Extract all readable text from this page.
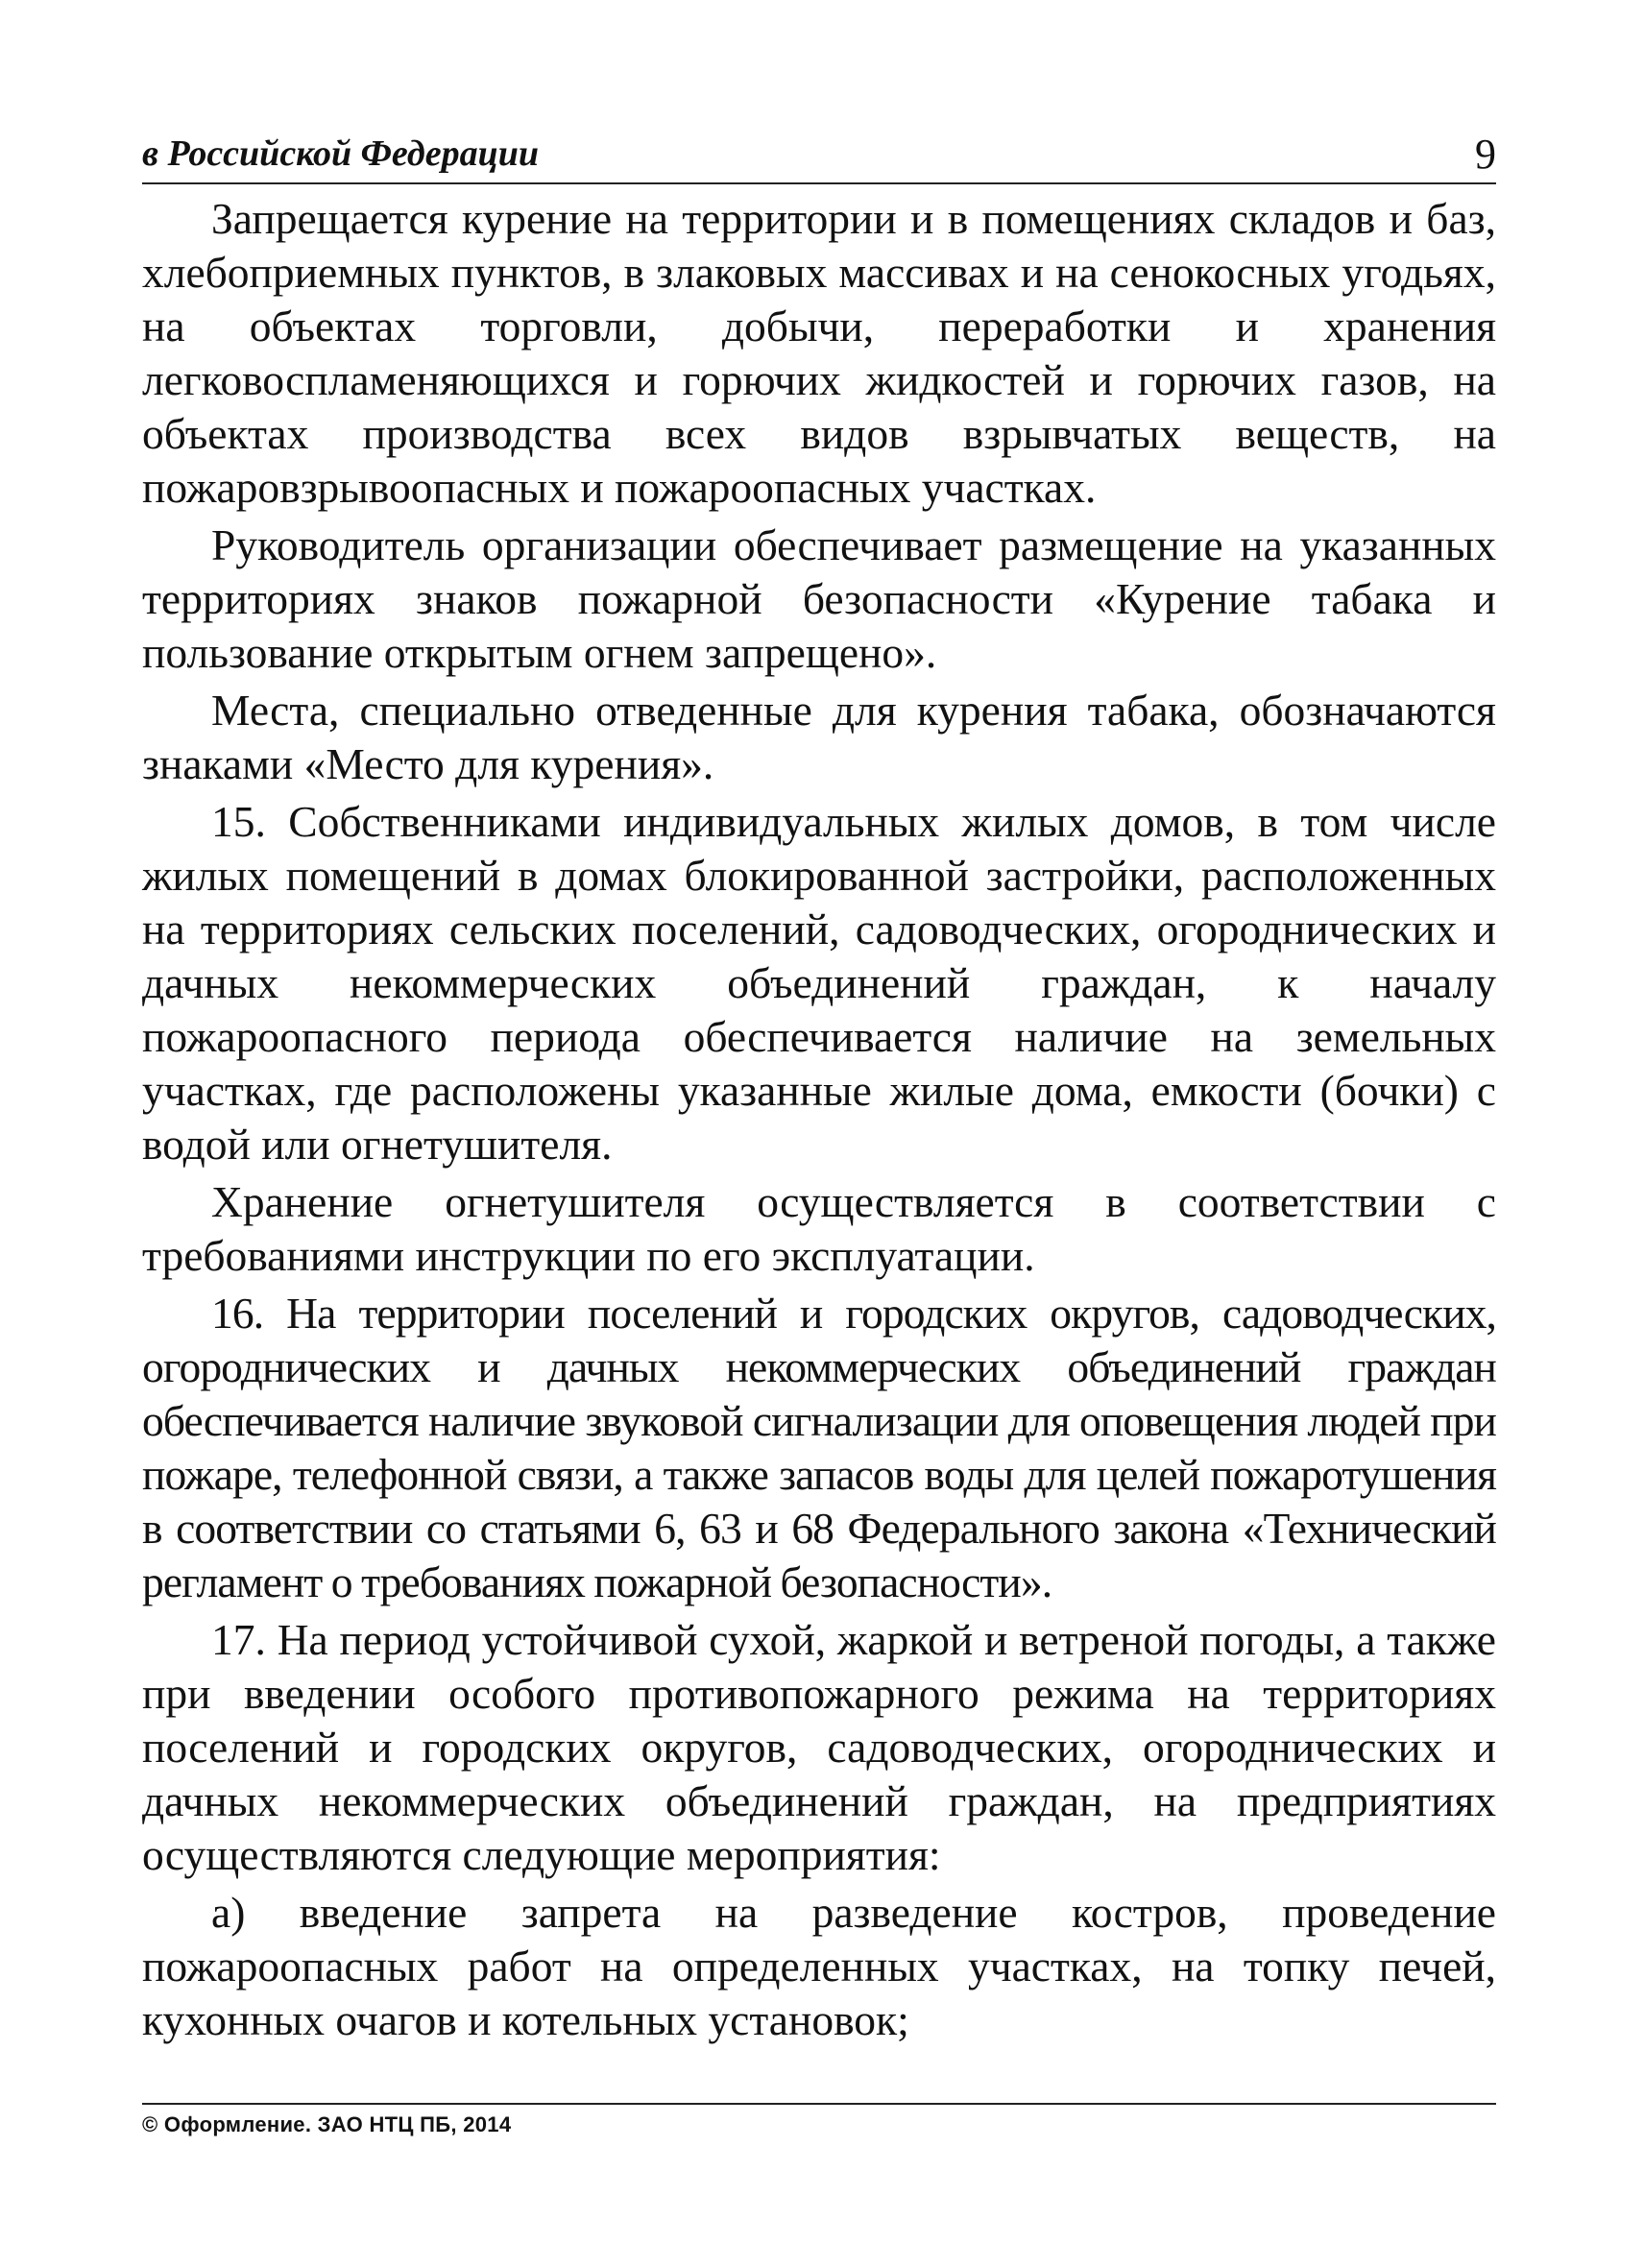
в Российской Федерации	9

Запрещается курение на территории и в помещениях складов и баз, хлебоприемных пунктов, в злаковых массивах и на сенокосных угодьях, на объектах торговли, добычи, переработки и хранения легковоспламеняющихся и горючих жидкостей и горючих газов, на объектах производства всех видов взрывчатых веществ, на пожаровзрывоопасных и пожароопасных участках.

Руководитель организации обеспечивает размещение на указанных территориях знаков пожарной безопасности «Курение табака и пользование открытым огнем запрещено».

Места, специально отведенные для курения табака, обозначаются знаками «Место для курения».

15. Собственниками индивидуальных жилых домов, в том числе жилых помещений в домах блокированной застройки, расположенных на территориях сельских поселений, садоводческих, огороднических и дачных некоммерческих объединений граждан, к началу пожароопасного периода обеспечивается наличие на земельных участках, где расположены указанные жилые дома, емкости (бочки) с водой или огнетушителя.

Хранение огнетушителя осуществляется в соответствии с требованиями инструкции по его эксплуатации.

16. На территории поселений и городских округов, садоводческих, огороднических и дачных некоммерческих объединений граждан обеспечивается наличие звуковой сигнализации для оповещения людей при пожаре, телефонной связи, а также запасов воды для целей пожаротушения в соответствии со статьями 6, 63 и 68 Федерального закона «Технический регламент о требованиях пожарной безопасности».

17. На период устойчивой сухой, жаркой и ветреной погоды, а также при введении особого противопожарного режима на территориях поселений и городских округов, садоводческих, огороднических и дачных некоммерческих объединений граждан, на предприятиях осуществляются следующие мероприятия:

а) введение запрета на разведение костров, проведение пожароопасных работ на определенных участках, на топку печей, кухонных очагов и котельных установок;

© Оформление. ЗАО НТЦ ПБ, 2014
